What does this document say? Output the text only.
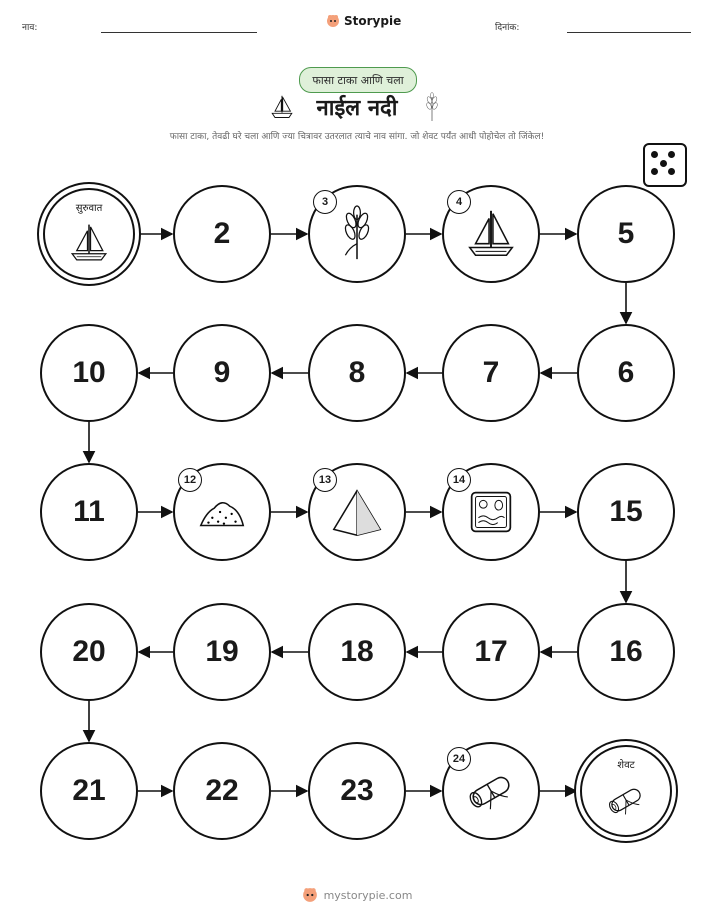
नाव:	Storypie	दिनांक:
फासा टाका आणि चला
नाईल नदी
फासा टाका, तेवढी घरे चला आणि ज्या चित्रावर उतरलात त्याचे नाव सांगा. जो शेवट पर्यंत आधी पोहोचेल तो जिंकेल!
शेवट
23
22
21
20	19	18	17	16
15
11
10	9	8	7	6
5
2
सुरुवात
3	4
12	13	14
24
mystorypie.com
